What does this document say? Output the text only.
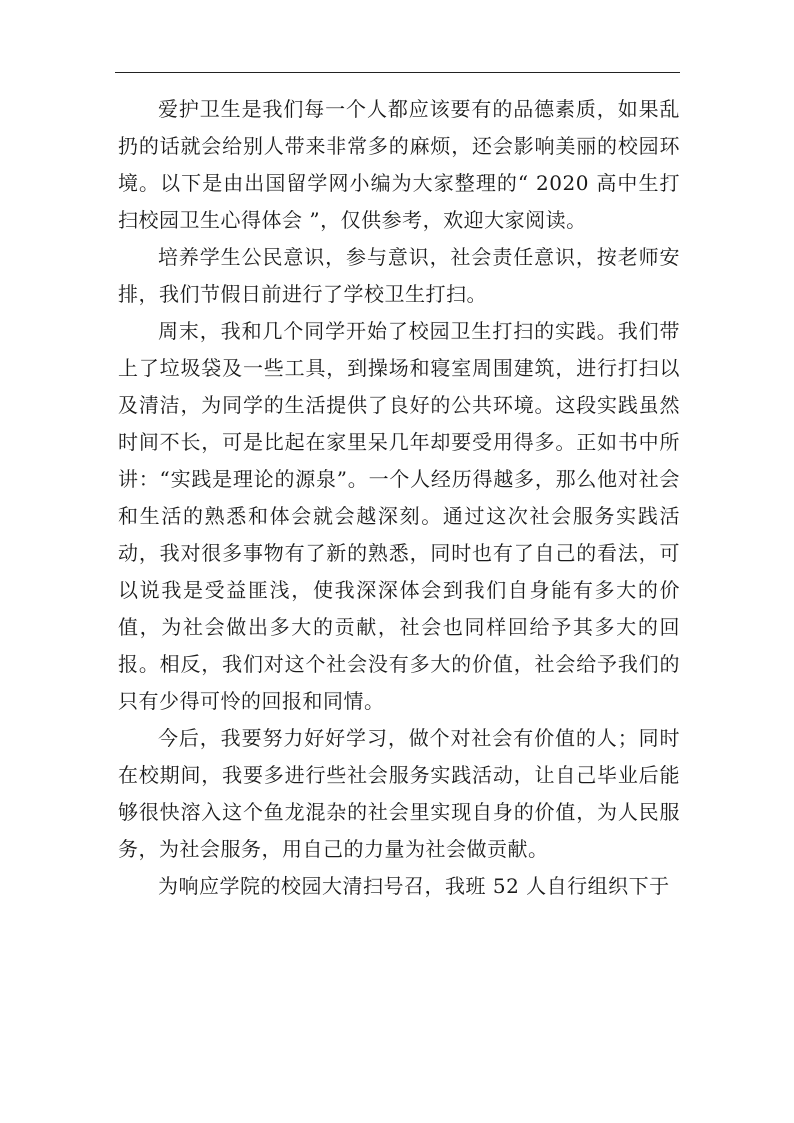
爱护卫生是我们每一个人都应该要有的品德素质，如果乱扔的话就会给别人带来非常多的麻烦，还会影响美丽的校园环境。以下是由出国留学网小编为大家整理的“ 2020 高中生打扫校园卫生心得体会 ”，仅供参考，欢迎大家阅读。

培养学生公民意识，参与意识，社会责任意识，按老师安排，我们节假日前进行了学校卫生打扫。

周末，我和几个同学开始了校园卫生打扫的实践。我们带上了垃圾袋及一些工具，到操场和寝室周围建筑，进行打扫以及清洁，为同学的生活提供了良好的公共环境。这段实践虽然时间不长，可是比起在家里呆几年却要受用得多。正如书中所讲：“实践是理论的源泉”。一个人经历得越多，那么他对社会和生活的熟悉和体会就会越深刻。通过这次社会服务实践活动，我对很多事物有了新的熟悉，同时也有了自己的看法，可以说我是受益匪浅，使我深深体会到我们自身能有多大的价值，为社会做出多大的贡献，社会也同样回给予其多大的回报。相反，我们对这个社会没有多大的价值，社会给予我们的只有少得可怜的回报和同情。

今后，我要努力好好学习，做个对社会有价值的人；同时在校期间，我要多进行些社会服务实践活动，让自己毕业后能够很快溶入这个鱼龙混杂的社会里实现自身的价值，为人民服务，为社会服务，用自己的力量为社会做贡献。

为响应学院的校园大清扫号召，我班 52 人自行组织下于
